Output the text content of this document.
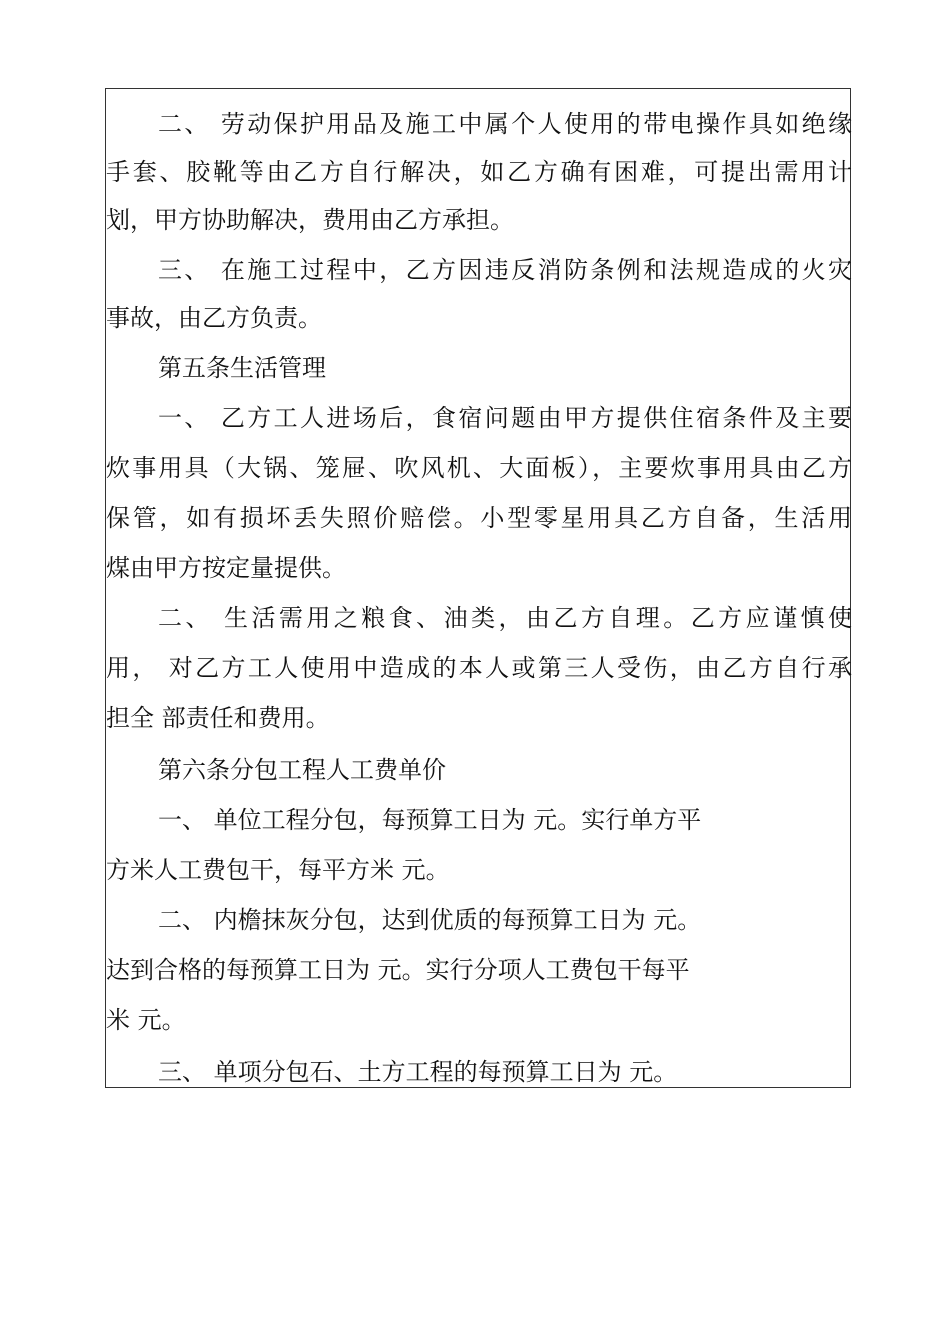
二、 劳动保护用品及施工中属个人使用的带电操作具如绝缘
手套、胶靴等由乙方自行解决，如乙方确有困难，可提出需用计
划，甲方协助解决，费用由乙方承担。
三、 在施工过程中，乙方因违反消防条例和法规造成的火灾
事故，由乙方负责。
第五条生活管理
一、 乙方工人进场后，食宿问题由甲方提供住宿条件及主要
炊事用具（大锅、笼屉、吹风机、大面板），主要炊事用具由乙方
保管，如有损坏丢失照价赔偿。小型零星用具乙方自备，生活用
煤由甲方按定量提供。
二、 生活需用之粮食、油类，由乙方自理。乙方应谨慎使
用， 对乙方工人使用中造成的本人或第三人受伤，由乙方自行承
担全 部责任和费用。
第六条分包工程人工费单价
一、 单位工程分包，每预算工日为 元。实行单方平
方米人工费包干，每平方米 元。
二、 内檐抹灰分包，达到优质的每预算工日为 元。
达到合格的每预算工日为 元。实行分项人工费包干每平
米 元。
三、 单项分包石、土方工程的每预算工日为 元。
